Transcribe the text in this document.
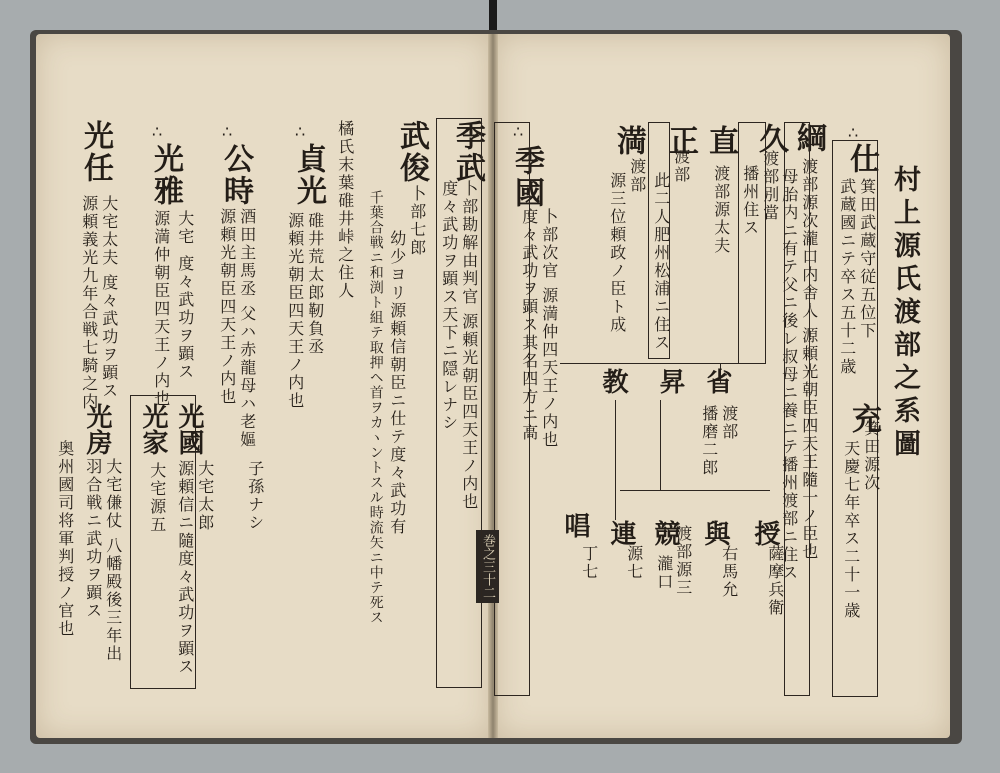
村上源氏渡部之系圖
∴
仕
箕田武蔵守従五位下
武蔵國ニテ卒ス五十二歳
充
箕田源次
天慶七年卒ス二十一歳
綱
渡部源次瀧口内舎人 源頼光朝臣四天王隨一ノ臣也
母胎内ニ有テ父ニ後レ叔母ニ養ニテ播州渡部ニ住ス
久
渡部別當
播州住ス
直
渡部源太夫
正
渡部
此二人肥州松浦ニ住ス
満
渡部
源三位頼政ノ臣ト成
∴
季國
卜部次官 源満仲四天王ノ内也
度々武功ヲ顕ス其名四方ニ高	省
渡部
播磨二郎
昇
教
授
薩摩兵衛
與
右馬允
競
渡部源三
瀧口
連
源七
唱
丁七
巻之三十二
季武
卜部勘解由判官 源頼光朝臣四天王ノ内也
度々武功ヲ顕ス天下ニ隠レナシ
武俊
卜部七郎
幼少ヨリ源頼信朝臣ニ仕テ度々武功有
千葉合戦ニ和渕ト組テ取押ヘ首ヲカヽントスル時流矢ニ中テ死ス
橘氏末葉碓井峠之住人
∴
貞光
碓井荒太郎靭負丞
源頼光朝臣四天王ノ内也
∴
公時
酒田主馬丞 父ハ赤龍母ハ老嫗
源頼光朝臣四天王ノ内也
子孫ナシ
∴
光雅
大宅
度々武功ヲ顕ス
源満仲朝臣四天王ノ内也
光國
大宅太郎
源頼信ニ隨度々武功ヲ顕ス
光家
大宅源五
光任
大宅太夫 度々武功ヲ顕ス
源頼義光九年合戦七騎之内
光房
大宅傔仗 八幡殿後三年出
羽合戦ニ武功ヲ顕ス
奥州國司将軍判授ノ官也
